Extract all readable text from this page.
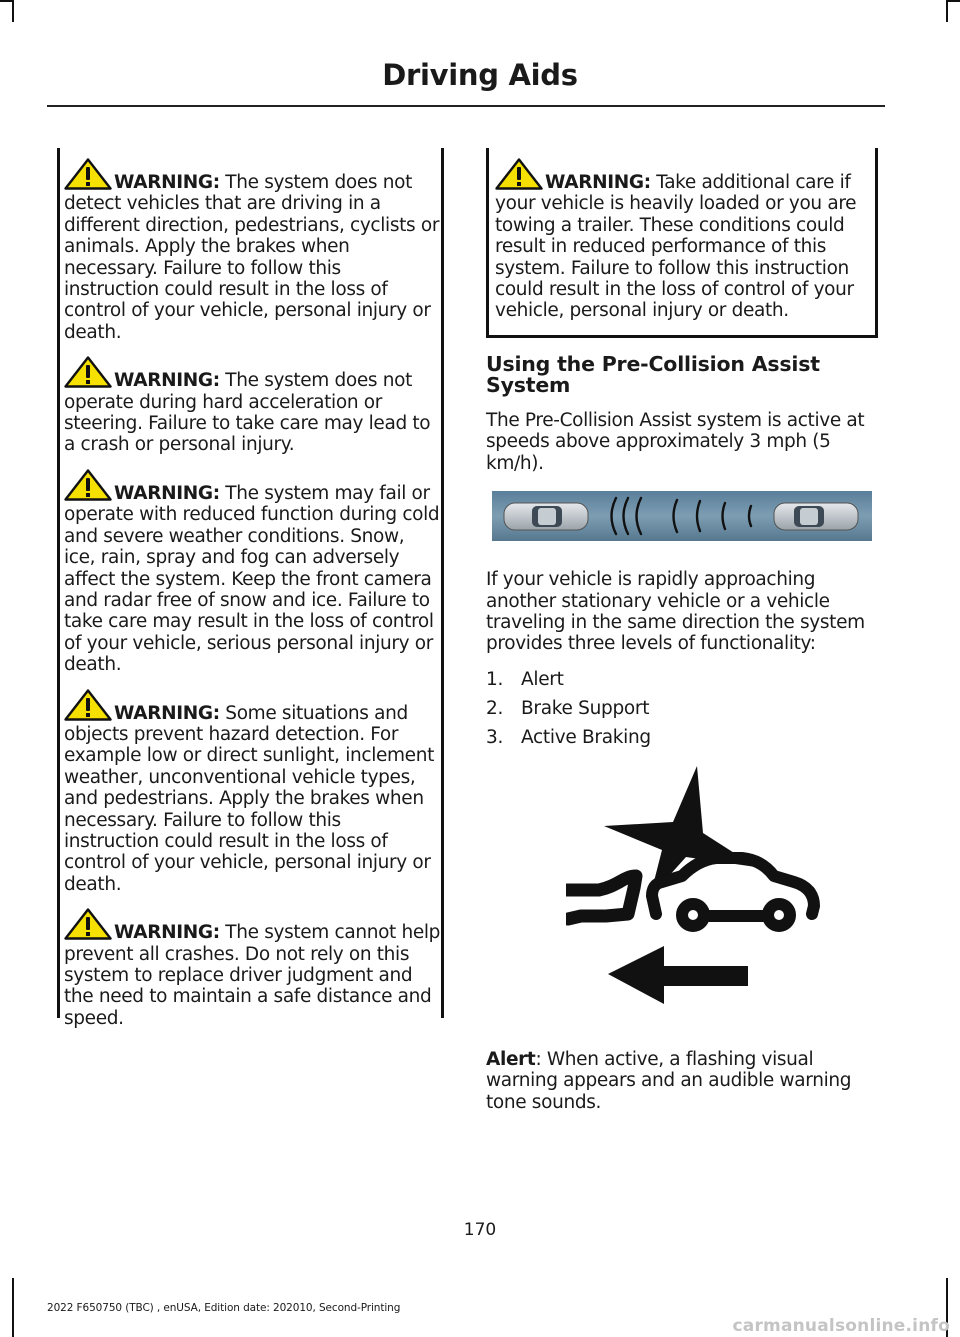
Driving Aids
WARNING: The system does not detect vehicles that are driving in a different direction, pedestrians, cyclists or animals. Apply the brakes when necessary. Failure to follow this instruction could result in the loss of control of your vehicle, personal injury or death.
WARNING: The system does not operate during hard acceleration or steering. Failure to take care may lead to a crash or personal injury.
WARNING: The system may fail or operate with reduced function during cold and severe weather conditions. Snow, ice, rain, spray and fog can adversely affect the system. Keep the front camera and radar free of snow and ice. Failure to take care may result in the loss of control of your vehicle, serious personal injury or death.
WARNING: Some situations and objects prevent hazard detection. For example low or direct sunlight, inclement weather, unconventional vehicle types, and pedestrians. Apply the brakes when necessary. Failure to follow this instruction could result in the loss of control of your vehicle, personal injury or death.
WARNING: The system cannot help prevent all crashes. Do not rely on this system to replace driver judgment and the need to maintain a safe distance and speed.
WARNING: Take additional care if your vehicle is heavily loaded or you are towing a trailer. These conditions could result in reduced performance of this system. Failure to follow this instruction could result in the loss of control of your vehicle, personal injury or death.
Using the Pre-Collision Assist System

The Pre-Collision Assist system is active at speeds above approximately 3 mph (5 km/h).

If your vehicle is rapidly approaching another stationary vehicle or a vehicle traveling in the same direction the system provides three levels of functionality:

1. Alert
2. Brake Support
3. Active Braking

Alert: When active, a flashing visual warning appears and an audible warning tone sounds.

170
2022 F650750 (TBC) , enUSA, Edition date: 202010, Second-Printing
carmanualsonline.info
